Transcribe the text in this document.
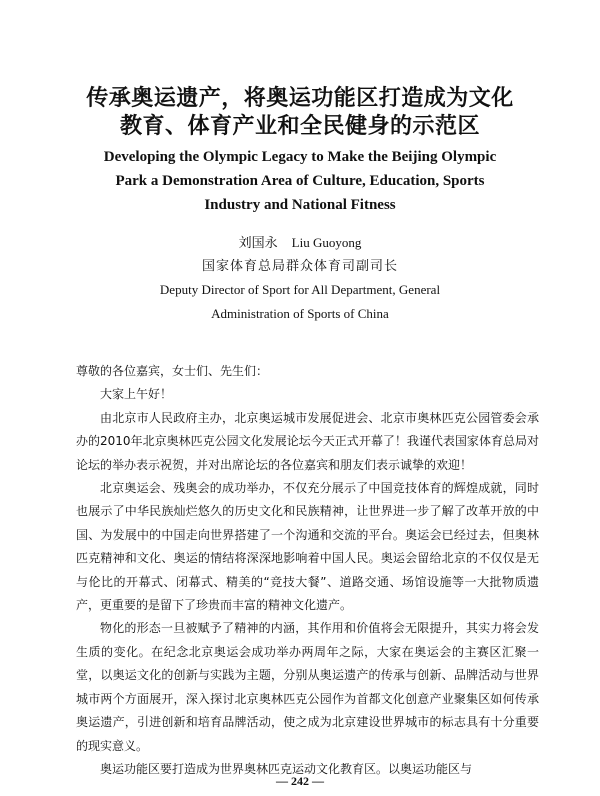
传承奥运遗产，将奥运功能区打造成为文化
教育、体育产业和全民健身的示范区
Developing the Olympic Legacy to Make the Beijing Olympic
Park a Demonstration Area of Culture, Education, Sports
Industry and National Fitness
刘国永 Liu Guoyong
国家体育总局群众体育司副司长
Deputy Director of Sport for All Department, General
Administration of Sports of China

尊敬的各位嘉宾，女士们、先生们：

大家上午好！

由北京市人民政府主办，北京奥运城市发展促进会、北京市奥林匹克公园管委会承办的2010年北京奥林匹克公园文化发展论坛今天正式开幕了！我谨代表国家体育总局对论坛的举办表示祝贺，并对出席论坛的各位嘉宾和朋友们表示诚挚的欢迎！

北京奥运会、残奥会的成功举办，不仅充分展示了中国竞技体育的辉煌成就，同时也展示了中华民族灿烂悠久的历史文化和民族精神，让世界进一步了解了改革开放的中国、为发展中的中国走向世界搭建了一个沟通和交流的平台。奥运会已经过去，但奥林匹克精神和文化、奥运的情结将深深地影响着中国人民。奥运会留给北京的不仅仅是无与伦比的开幕式、闭幕式、精美的“竞技大餐”、道路交通、场馆设施等一大批物质遗产，更重要的是留下了珍贵而丰富的精神文化遗产。

物化的形态一旦被赋予了精神的内涵，其作用和价值将会无限提升，其实力将会发生质的变化。在纪念北京奥运会成功举办两周年之际，大家在奥运会的主赛区汇聚一堂，以奥运文化的创新与实践为主题，分别从奥运遗产的传承与创新、品牌活动与世界城市两个方面展开，深入探讨北京奥林匹克公园作为首都文化创意产业聚集区如何传承奥运遗产，引进创新和培育品牌活动，使之成为北京建设世界城市的标志具有十分重要的现实意义。

奥运功能区要打造成为世界奥林匹克运动文化教育区。以奥运功能区与

— 242 —
